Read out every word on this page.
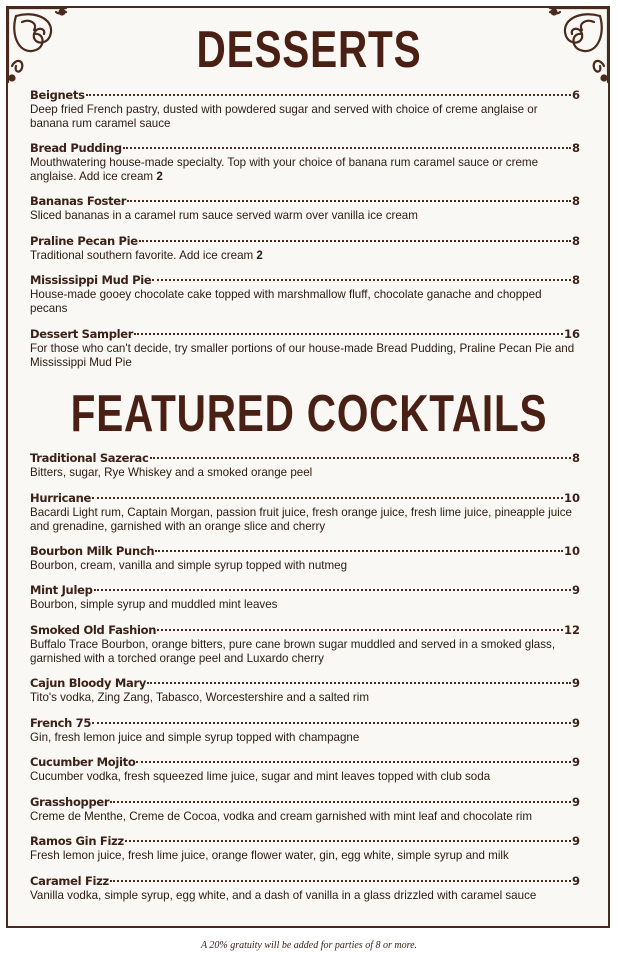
DESSERTS
Beignets	6
Deep fried French pastry, dusted with powdered sugar and served with choice of creme anglaise or banana rum caramel sauce
Bread Pudding	8
Mouthwatering house-made specialty. Top with your choice of banana rum caramel sauce or creme anglaise. Add ice cream 2
Bananas Foster	8
Sliced bananas in a caramel rum sauce served warm over vanilla ice cream
Praline Pecan Pie	8
Traditional southern favorite. Add ice cream 2
Mississippi Mud Pie	8
House-made gooey chocolate cake topped with marshmallow fluff, chocolate ganache and chopped pecans
Dessert Sampler	16
For those who can't decide, try smaller portions of our house-made Bread Pudding, Praline Pecan Pie and Mississippi Mud Pie
FEATURED COCKTAILS
Traditional Sazerac	8
Bitters, sugar, Rye Whiskey and a smoked orange peel
Hurricane	10
Bacardi Light rum, Captain Morgan, passion fruit juice, fresh orange juice, fresh lime juice, pineapple juice and grenadine, garnished with an orange slice and cherry
Bourbon Milk Punch	10
Bourbon, cream, vanilla and simple syrup topped with nutmeg
Mint Julep	9
Bourbon, simple syrup and muddled mint leaves
Smoked Old Fashion	12
Buffalo Trace Bourbon, orange bitters, pure cane brown sugar muddled and served in a smoked glass, garnished with a torched orange peel and Luxardo cherry
Cajun Bloody Mary	9
Tito's vodka, Zing Zang, Tabasco, Worcestershire and a salted rim
French 75	9
Gin, fresh lemon juice and simple syrup topped with champagne
Cucumber Mojito	9
Cucumber vodka, fresh squeezed lime juice, sugar and mint leaves topped with club soda
Grasshopper	9
Creme de Menthe, Creme de Cocoa, vodka and cream garnished with mint leaf and chocolate rim
Ramos Gin Fizz	9
Fresh lemon juice, fresh lime juice, orange flower water, gin, egg white, simple syrup and milk
Caramel Fizz	9
Vanilla vodka, simple syrup, egg white, and a dash of vanilla in a glass drizzled with caramel sauce
A 20% gratuity will be added for parties of 8 or more.
